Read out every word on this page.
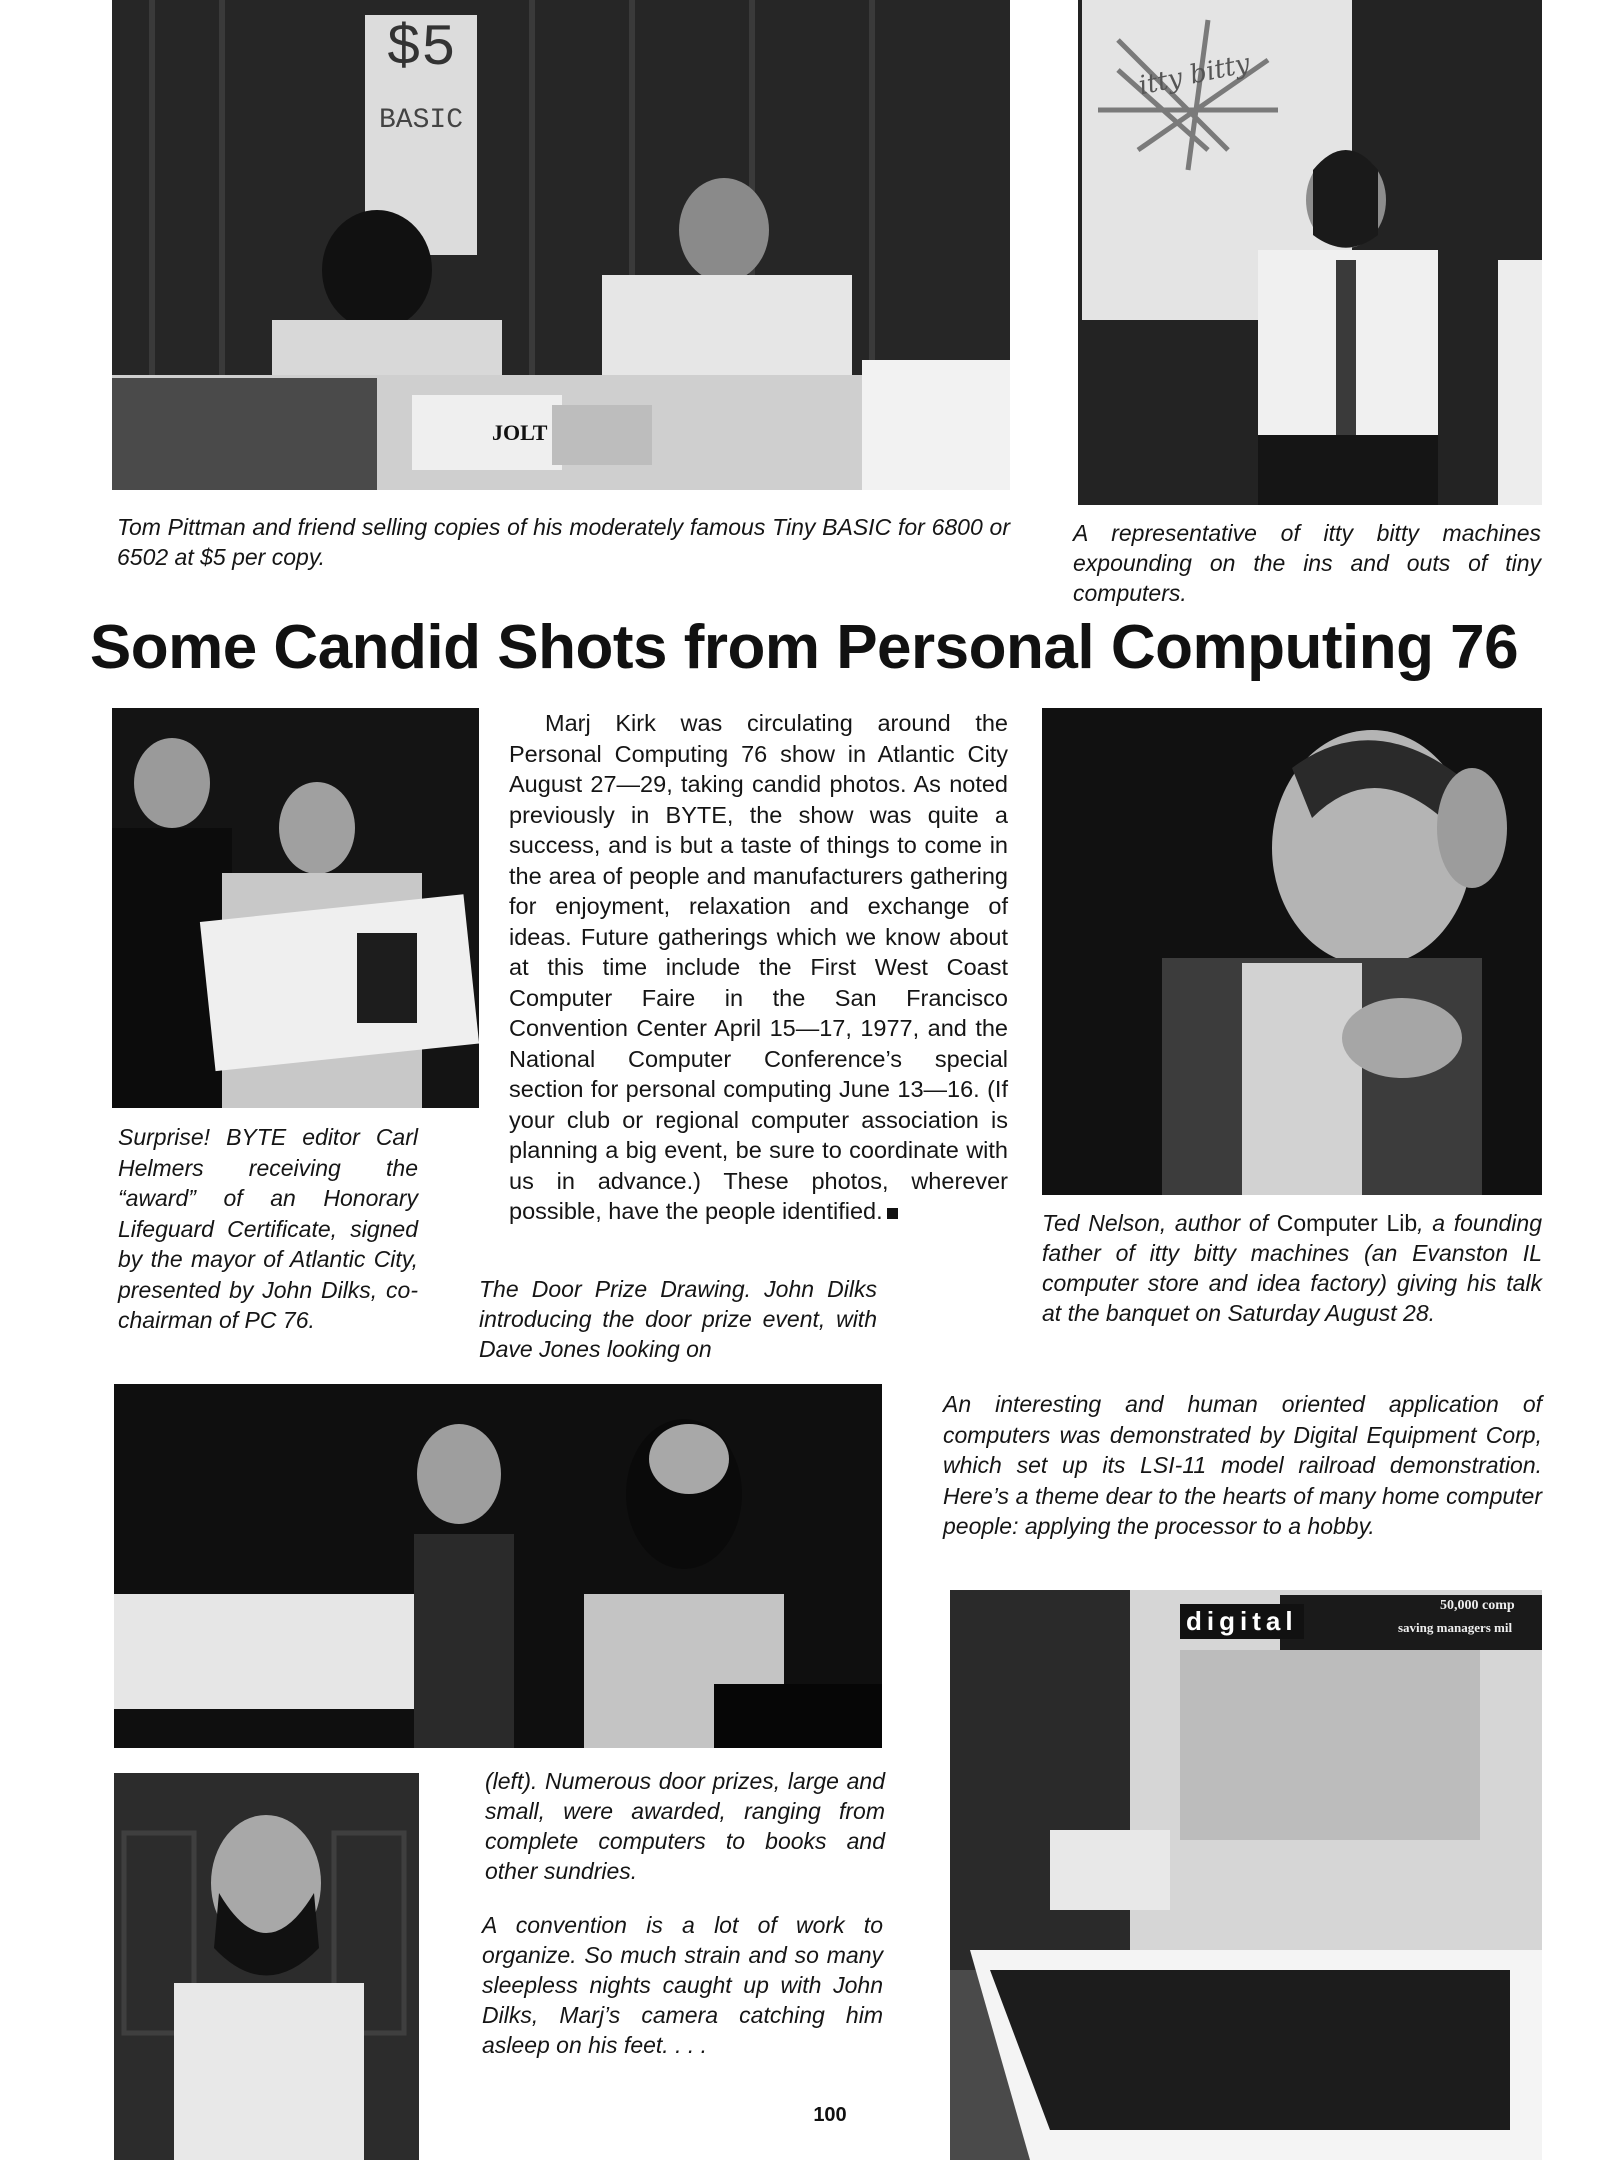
$5
BASIC
JOLT
itty bitty
Tom Pittman and friend selling copies of his moderately famous Tiny BASIC for 6800 or 6502 at $5 per copy.
A representative of itty bitty machines expounding on the ins and outs of tiny computers.
Some Candid Shots from Personal Computing 76
Surprise! BYTE editor Carl Helmers receiving the “award” of an Honorary Lifeguard Certificate, signed by the mayor of Atlantic City, presented by John Dilks, co-chairman of PC 76.

Marj Kirk was circulating around the Personal Computing 76 show in Atlantic City August 27—29, taking candid photos. As noted previously in BYTE, the show was quite a success, and is but a taste of things to come in the area of people and manufacturers gathering for enjoyment, relaxation and exchange of ideas. Future gatherings which we know about at this time include the First West Coast Computer Faire in the San Francisco Convention Center April 15—17, 1977, and the National Computer Conference’s special section for personal computing June 13—16. (If your club or regional computer association is planning a big event, be sure to coordinate with us in advance.) These photos, wherever possible, have the people identified.

The Door Prize Drawing. John Dilks introducing the door prize event, with Dave Jones looking on
Ted Nelson, author of Computer Lib, a founding father of itty bitty machines (an Evanston IL computer store and idea factory) giving his talk at the banquet on Saturday August 28.
An interesting and human oriented application of computers was demonstrated by Digital Equipment Corp, which set up its LSI-11 model railroad demonstration. Here’s a theme dear to the hearts of many home computer people: applying the processor to a hobby.
(left). Numerous door prizes, large and small, were awarded, ranging from complete computers to books and other sundries.
A convention is a lot of work to organize. So much strain and so many sleepless nights caught up with John Dilks, Marj’s camera catching him asleep on his feet. . . .
digital
50,000 comp
saving managers mil
100
